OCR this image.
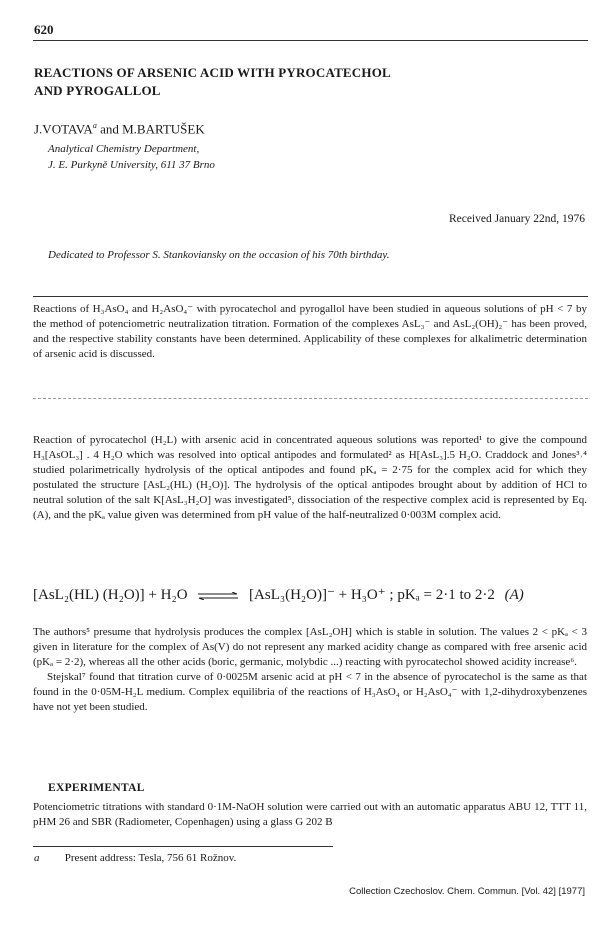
620
REACTIONS OF ARSENIC ACID WITH PYROCATECHOL
AND PYROGALLOL
J.VOTAVA$^a$ and M.BARTUŠEK
Analytical Chemistry Department,
J. E. Purkyně University, 611 37 Brno
Received January 22nd, 1976
Dedicated to Professor S. Stankoviansky on the occasion of his 70th birthday.
Reactions of H₃AsO₄ and H₂AsO₄⁻ with pyrocatechol and pyrogallol have been studied in aqueous solutions of pH < 7 by the method of potenciometric neutralization titration. Formation of the complexes AsL₃⁻ and AsL₂(OH)₂⁻ has been proved, and the respective stability constants have been determined. Applicability of these complexes for alkalimetric determination of arsenic acid is discussed.
Reaction of pyrocatechol (H₂L) with arsenic acid in concentrated aqueous solutions was reported¹ to give the compound H₃[AsOL₃] . 4 H₂O which was resolved into optical antipodes and formulated² as H[AsL₃].5 H₂O. Craddock and Jones³˒⁴ studied polarimetrically hydrolysis of the optical antipodes and found pKₐ = 2·75 for the complex acid for which they postulated the structure [AsL₂(HL) (H₂O)]. The hydrolysis of the optical antipodes brought about by addition of HCl to neutral solution of the salt K[AsL₃H₂O] was investigated⁵, dissociation of the respective complex acid is represented by Eq. (A), and the pKₐ value given was determined from pH value of the half-neutralized 0·003M complex acid.
[AsL₂(HL) (H₂O)] + H₂O ⇌ [AsL₃(H₂O)]⁻ + H₃O⁺ ; pKₐ = 2·1 to 2·2 (A)

The authors⁵ presume that hydrolysis produces the complex [AsL₂OH] which is stable in solution. The values 2 < pKₐ < 3 given in literature for the complex of As(V) do not represent any marked acidity change as compared with free arsenic acid (pKₐ = 2·2), whereas all the other acids (boric, germanic, molybdic ...) reacting with pyrocatechol showed acidity increase⁶.

Stejskal⁷ found that titration curve of 0·0025M arsenic acid at pH < 7 in the absence of pyrocatechol is the same as that found in the 0·05M-H₂L medium. Complex equilibria of the reactions of H₃AsO₄ or H₂AsO₄⁻ with 1,2-dihydroxybenzenes have not yet been studied.

EXPERIMENTAL
Potenciometric titrations with standard 0·1M-NaOH solution were carried out with an automatic apparatus ABU 12, TTT 11, pHM 26 and SBR (Radiometer, Copenhagen) using a glass G 202 B
a Present address: Tesla, 756 61 Rožnov.
Collection Czechoslov. Chem. Commun. [Vol. 42] [1977]
